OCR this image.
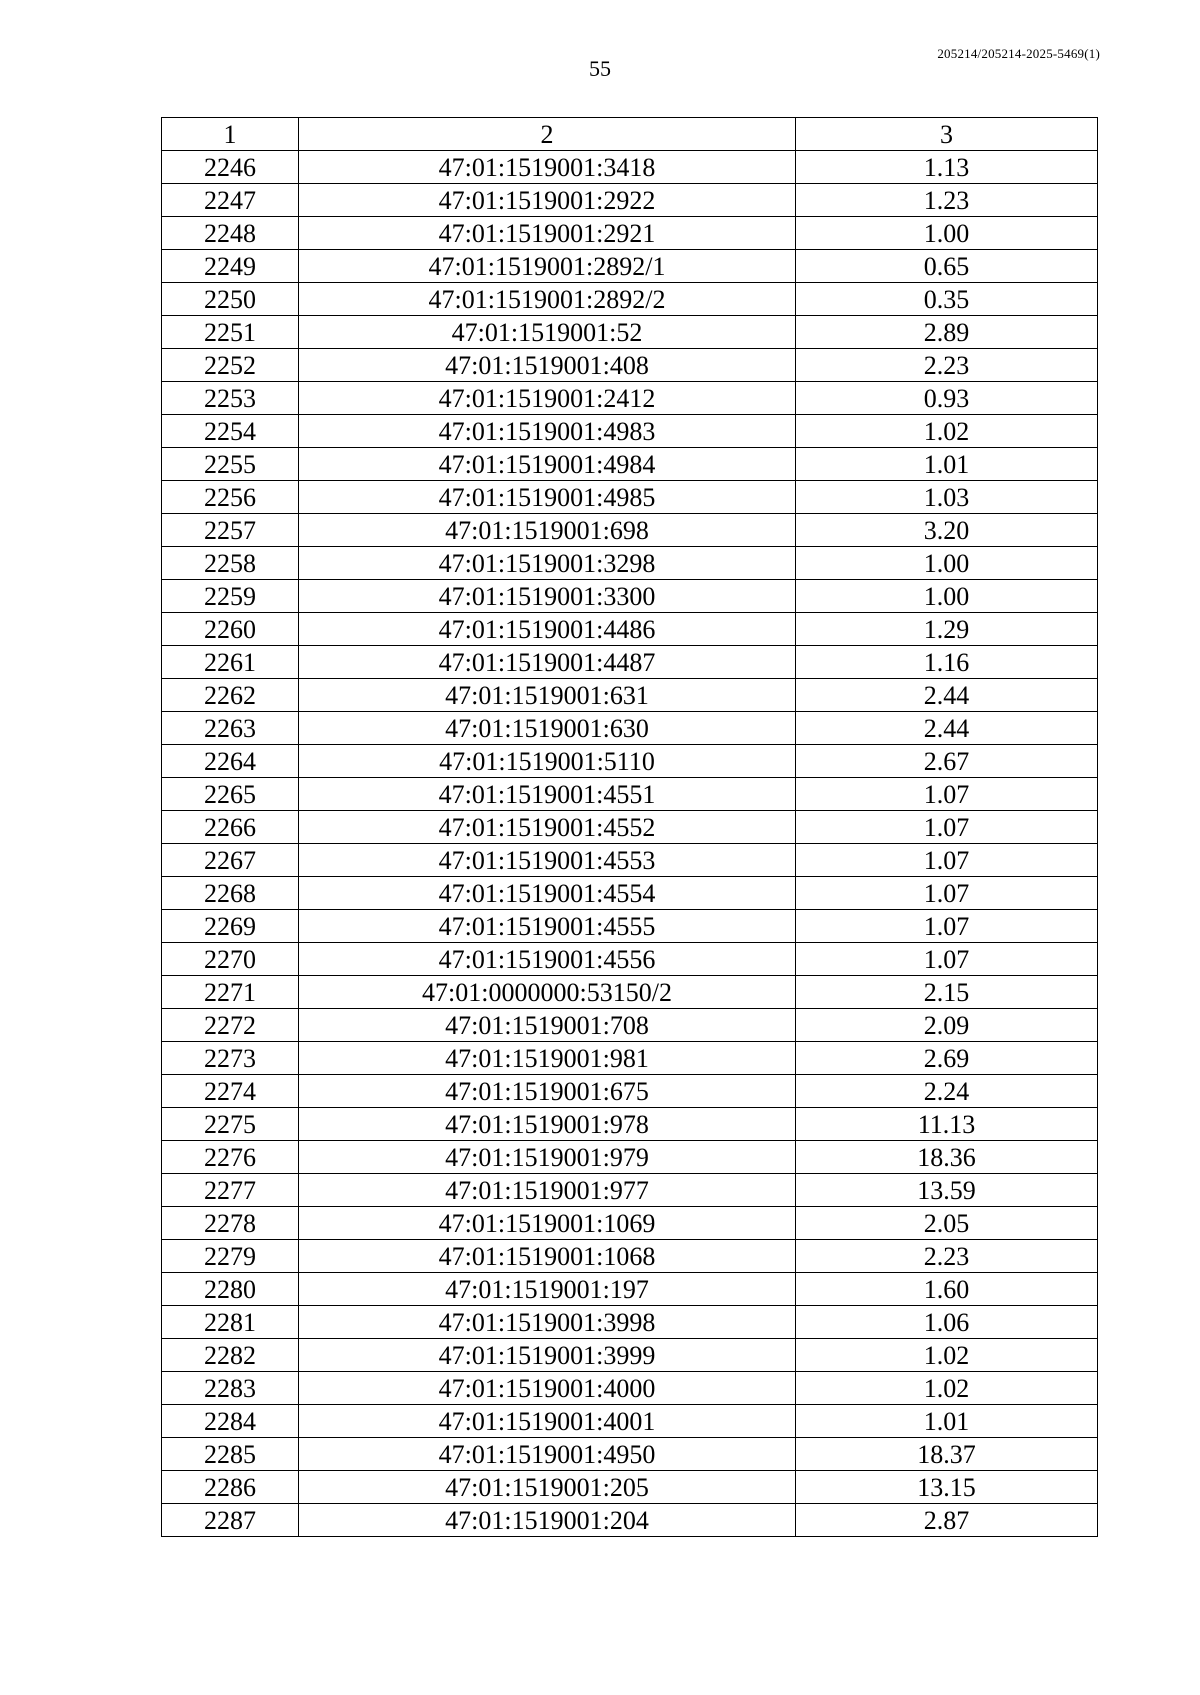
55
205214/205214-2025-5469(1)
1	2	3
2246	47:01:1519001:3418	1.13
2247	47:01:1519001:2922	1.23
2248	47:01:1519001:2921	1.00
2249	47:01:1519001:2892/1	0.65
2250	47:01:1519001:2892/2	0.35
2251	47:01:1519001:52	2.89
2252	47:01:1519001:408	2.23
2253	47:01:1519001:2412	0.93
2254	47:01:1519001:4983	1.02
2255	47:01:1519001:4984	1.01
2256	47:01:1519001:4985	1.03
2257	47:01:1519001:698	3.20
2258	47:01:1519001:3298	1.00
2259	47:01:1519001:3300	1.00
2260	47:01:1519001:4486	1.29
2261	47:01:1519001:4487	1.16
2262	47:01:1519001:631	2.44
2263	47:01:1519001:630	2.44
2264	47:01:1519001:5110	2.67
2265	47:01:1519001:4551	1.07
2266	47:01:1519001:4552	1.07
2267	47:01:1519001:4553	1.07
2268	47:01:1519001:4554	1.07
2269	47:01:1519001:4555	1.07
2270	47:01:1519001:4556	1.07
2271	47:01:0000000:53150/2	2.15
2272	47:01:1519001:708	2.09
2273	47:01:1519001:981	2.69
2274	47:01:1519001:675	2.24
2275	47:01:1519001:978	11.13
2276	47:01:1519001:979	18.36
2277	47:01:1519001:977	13.59
2278	47:01:1519001:1069	2.05
2279	47:01:1519001:1068	2.23
2280	47:01:1519001:197	1.60
2281	47:01:1519001:3998	1.06
2282	47:01:1519001:3999	1.02
2283	47:01:1519001:4000	1.02
2284	47:01:1519001:4001	1.01
2285	47:01:1519001:4950	18.37
2286	47:01:1519001:205	13.15
2287	47:01:1519001:204	2.87
